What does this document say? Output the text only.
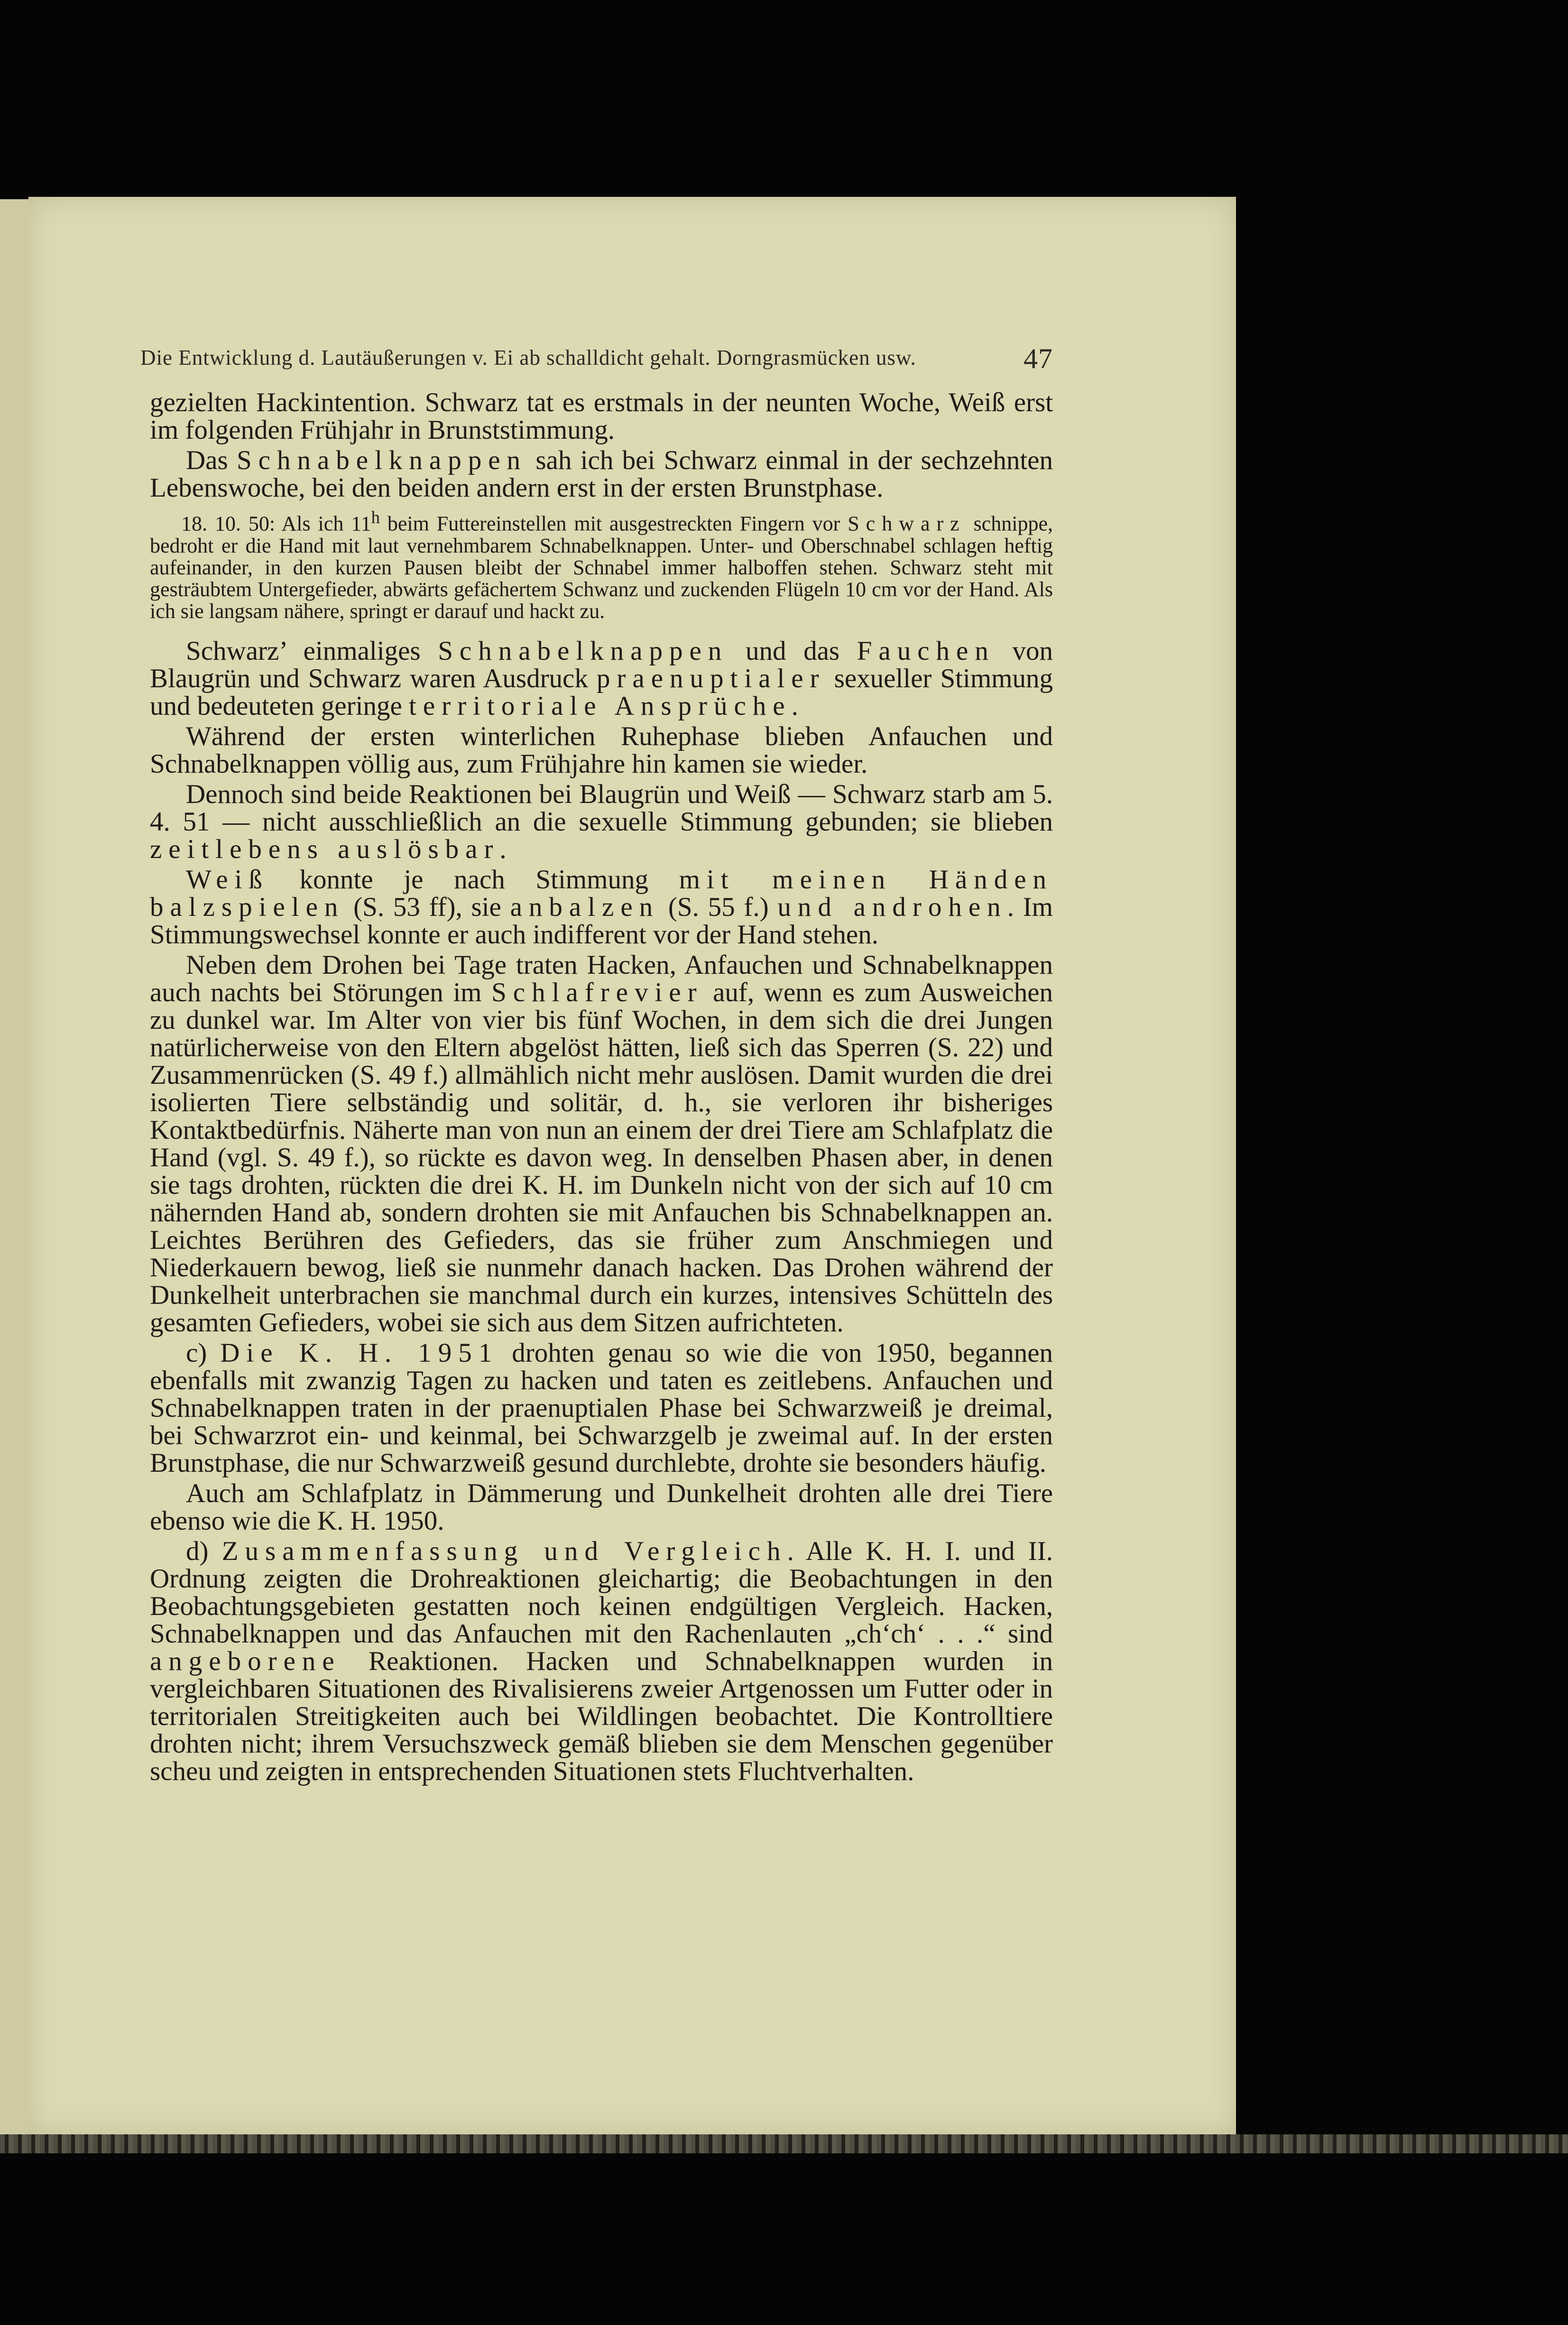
Die Entwicklung d. Lautäußerungen v. Ei ab schalldicht gehalt. Dorngrasmücken usw.	47
gezielten Hackintention. Schwarz tat es erstmals in der neunten Woche, Weiß erst im folgenden Frühjahr in Brunststimmung.
Das Schnabelknappen sah ich bei Schwarz einmal in der sechzehnten Lebenswoche, bei den beiden andern erst in der ersten Brunstphase.
18. 10. 50: Als ich 11$^h$ beim Futtereinstellen mit ausgestreckten Fingern vor Schwarz schnippe, bedroht er die Hand mit laut vernehmbarem Schnabelknappen. Unter- und Oberschnabel schlagen heftig aufeinander, in den kurzen Pausen bleibt der Schnabel immer halboffen stehen. Schwarz steht mit gesträubtem Untergefieder, abwärts gefächertem Schwanz und zuckenden Flügeln 10 cm vor der Hand. Als ich sie langsam nähere, springt er darauf und hackt zu.
Schwarz’ einmaliges Schnabelknappen und das Fauchen von Blaugrün und Schwarz waren Ausdruck praenuptialer sexueller Stimmung und bedeuteten geringe territoriale Ansprüche.
Während der ersten winterlichen Ruhephase blieben Anfauchen und Schnabelknappen völlig aus, zum Frühjahre hin kamen sie wieder.
Dennoch sind beide Reaktionen bei Blaugrün und Weiß — Schwarz starb am 5. 4. 51 — nicht ausschließlich an die sexuelle Stimmung gebunden; sie blieben zeitlebens auslösbar.
Weiß konnte je nach Stimmung mit meinen Händen balzspielen (S. 53 ff), sie anbalzen (S. 55 f.) und androhen. Im Stimmungswechsel konnte er auch indifferent vor der Hand stehen.
Neben dem Drohen bei Tage traten Hacken, Anfauchen und Schnabelknappen auch nachts bei Störungen im Schlafrevier auf, wenn es zum Ausweichen zu dunkel war. Im Alter von vier bis fünf Wochen, in dem sich die drei Jungen natürlicherweise von den Eltern abgelöst hätten, ließ sich das Sperren (S. 22) und Zusammenrücken (S. 49 f.) allmählich nicht mehr auslösen. Damit wurden die drei isolierten Tiere selbständig und solitär, d. h., sie verloren ihr bisheriges Kontaktbedürfnis. Näherte man von nun an einem der drei Tiere am Schlafplatz die Hand (vgl. S. 49 f.), so rückte es davon weg. In denselben Phasen aber, in denen sie tags drohten, rückten die drei K. H. im Dunkeln nicht von der sich auf 10 cm nähernden Hand ab, sondern drohten sie mit Anfauchen bis Schnabelknappen an. Leichtes Berühren des Gefieders, das sie früher zum Anschmiegen und Niederkauern bewog, ließ sie nunmehr danach hacken. Das Drohen während der Dunkelheit unterbrachen sie manchmal durch ein kurzes, intensives Schütteln des gesamten Gefieders, wobei sie sich aus dem Sitzen aufrichteten.
c) Die K. H. 1951 drohten genau so wie die von 1950, begannen ebenfalls mit zwanzig Tagen zu hacken und taten es zeitlebens. Anfauchen und Schnabelknappen traten in der praenuptialen Phase bei Schwarzweiß je dreimal, bei Schwarzrot ein- und keinmal, bei Schwarzgelb je zweimal auf. In der ersten Brunstphase, die nur Schwarzweiß gesund durchlebte, drohte sie besonders häufig.
Auch am Schlafplatz in Dämmerung und Dunkelheit drohten alle drei Tiere ebenso wie die K. H. 1950.
d) Zusammenfassung und Vergleich. Alle K. H. I. und II. Ordnung zeigten die Drohreaktionen gleichartig; die Beobachtungen in den Beobachtungsgebieten gestatten noch keinen endgültigen Vergleich. Hacken, Schnabelknappen und das Anfauchen mit den Rachenlauten „ch‘ch‘ . . .“ sind angeborene Reaktionen. Hacken und Schnabelknappen wurden in vergleichbaren Situationen des Rivalisierens zweier Artgenossen um Futter oder in territorialen Streitigkeiten auch bei Wildlingen beobachtet. Die Kontrolltiere drohten nicht; ihrem Versuchszweck gemäß blieben sie dem Menschen gegenüber scheu und zeigten in entsprechenden Situationen stets Fluchtverhalten.
